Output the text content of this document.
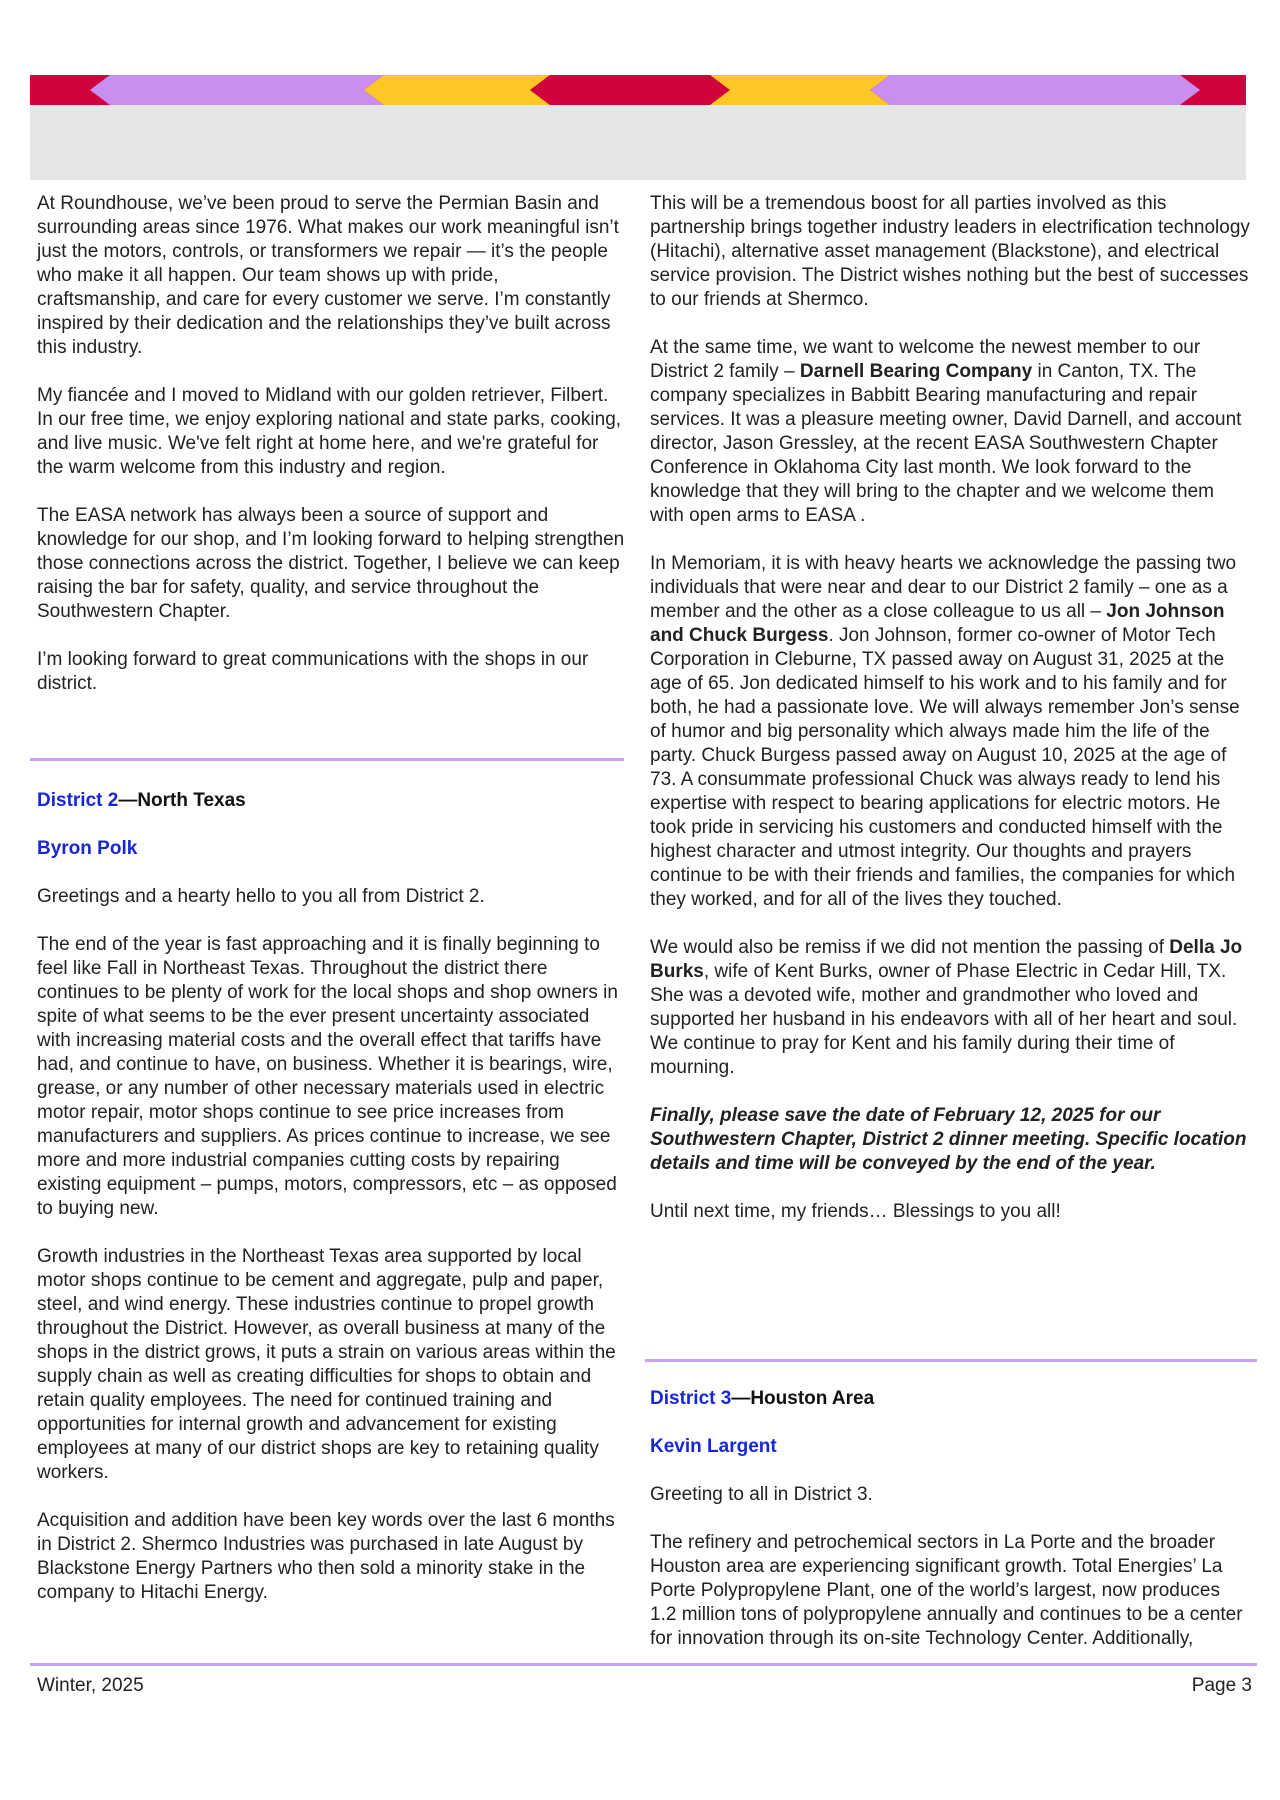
At Roundhouse, we’ve been proud to serve the Permian Basin and surrounding areas since 1976. What makes our work meaningful isn’t just the motors, controls, or transformers we repair — it’s the people who make it all happen. Our team shows up with pride, craftsmanship, and care for every customer we serve. I’m constantly inspired by their dedication and the relationships they’ve built across this industry.

My fiancée and I moved to Midland with our golden retriever, Filbert. In our free time, we enjoy exploring national and state parks, cooking, and live music. We've felt right at home here, and we're grateful for the warm welcome from this industry and region.

The EASA network has always been a source of support and knowledge for our shop, and I’m looking forward to helping strengthen those connections across the district. Together, I believe we can keep raising the bar for safety, quality, and service throughout the Southwestern Chapter.

I’m looking forward to great communications with the shops in our district.

District 2—North Texas

Byron Polk

Greetings and a hearty hello to you all from District 2.

The end of the year is fast approaching and it is finally beginning to feel like Fall in Northeast Texas. Throughout the district there continues to be plenty of work for the local shops and shop owners in spite of what seems to be the ever present uncertainty associated with increasing material costs and the overall effect that tariffs have had, and continue to have, on business. Whether it is bearings, wire, grease, or any number of other necessary materials used in electric motor repair, motor shops continue to see price increases from manufacturers and suppliers. As prices continue to increase, we see more and more industrial companies cutting costs by repairing existing equipment – pumps, motors, compressors, etc – as opposed to buying new.

Growth industries in the Northeast Texas area supported by local motor shops continue to be cement and aggregate, pulp and paper, steel, and wind energy. These industries continue to propel growth throughout the District. However, as overall business at many of the shops in the district grows, it puts a strain on various areas within the supply chain as well as creating difficulties for shops to obtain and retain quality employees. The need for continued training and opportunities for internal growth and advancement for existing employees at many of our district shops are key to retaining quality workers.

Acquisition and addition have been key words over the last 6 months in District 2. Shermco Industries was purchased in late August by Blackstone Energy Partners who then sold a minority stake in the company to Hitachi Energy.

This will be a tremendous boost for all parties involved as this partnership brings together industry leaders in electrification technology (Hitachi), alternative asset management (Blackstone), and electrical service provision. The District wishes nothing but the best of successes to our friends at Shermco.

At the same time, we want to welcome the newest member to our District 2 family – Darnell Bearing Company in Canton, TX. The company specializes in Babbitt Bearing manufacturing and repair services. It was a pleasure meeting owner, David Darnell, and account director, Jason Gressley, at the recent EASA Southwestern Chapter Conference in Oklahoma City last month. We look forward to the knowledge that they will bring to the chapter and we welcome them with open arms to EASA .

In Memoriam, it is with heavy hearts we acknowledge the passing two individuals that were near and dear to our District 2 family – one as a member and the other as a close colleague to us all – Jon Johnson and Chuck Burgess. Jon Johnson, former co-owner of Motor Tech Corporation in Cleburne, TX passed away on August 31, 2025 at the age of 65. Jon dedicated himself to his work and to his family and for both, he had a passionate love. We will always remember Jon’s sense of humor and big personality which always made him the life of the party. Chuck Burgess passed away on August 10, 2025 at the age of 73. A consummate professional Chuck was always ready to lend his expertise with respect to bearing applications for electric motors. He took pride in servicing his customers and conducted himself with the highest character and utmost integrity. Our thoughts and prayers continue to be with their friends and families, the companies for which they worked, and for all of the lives they touched.

We would also be remiss if we did not mention the passing of Della Jo Burks, wife of Kent Burks, owner of Phase Electric in Cedar Hill, TX. She was a devoted wife, mother and grandmother who loved and supported her husband in his endeavors with all of her heart and soul. We continue to pray for Kent and his family during their time of mourning.

Finally, please save the date of February 12, 2025 for our Southwestern Chapter, District 2 dinner meeting. Specific location details and time will be conveyed by the end of the year.

Until next time, my friends… Blessings to you all!

District 3—Houston Area

Kevin Largent

Greeting to all in District 3.

The refinery and petrochemical sectors in La Porte and the broader Houston area are experiencing significant growth. Total Energies’ La Porte Polypropylene Plant, one of the world’s largest, now produces 1.2 million tons of polypropylene annually and continues to be a center for innovation through its on-site Technology Center. Additionally,

Winter, 2025	Page 3
